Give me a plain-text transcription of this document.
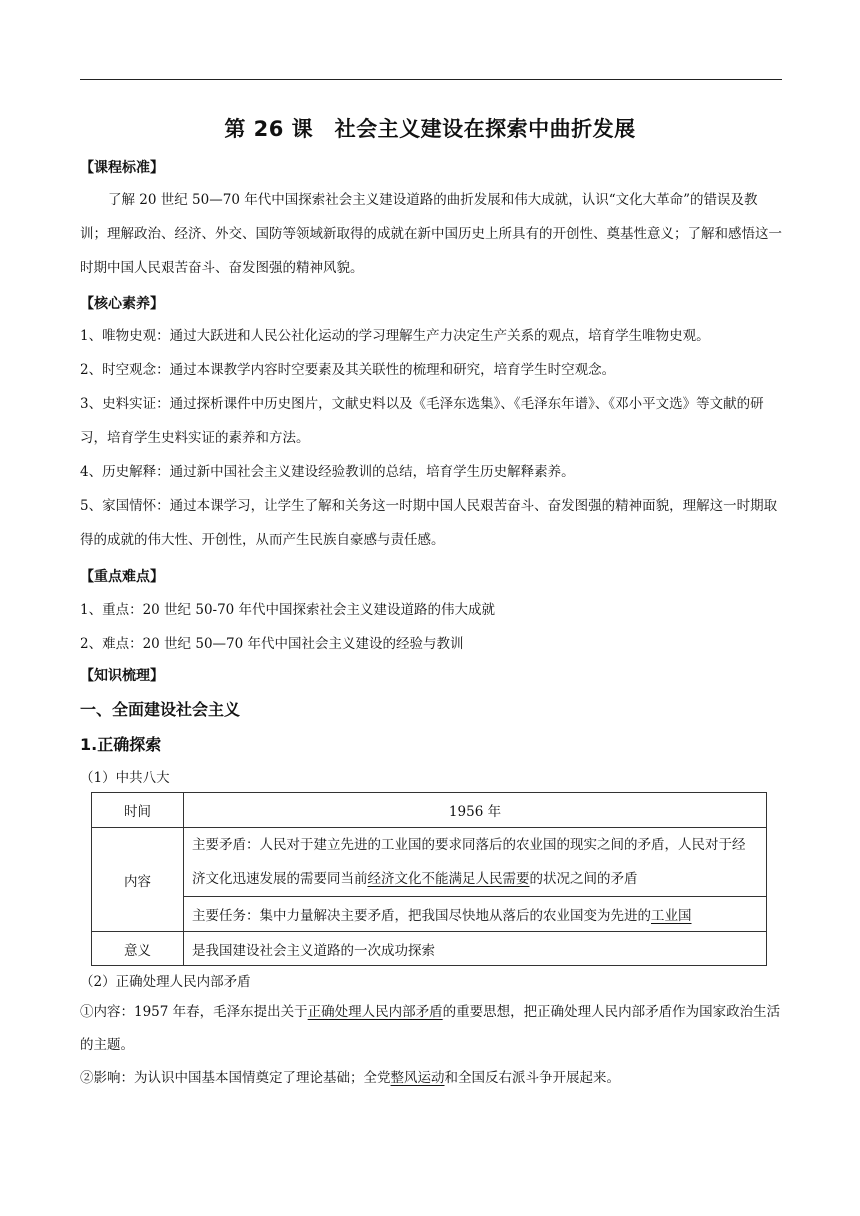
第 26 课　社会主义建设在探索中曲折发展
【课程标准】

了解 20 世纪 50—70 年代中国探索社会主义建设道路的曲折发展和伟大成就，认识“文化大革命”的错误及教训；理解政治、经济、外交、国防等领域新取得的成就在新中国历史上所具有的开创性、奠基性意义；了解和感悟这一时期中国人民艰苦奋斗、奋发图强的精神风貌。

【核心素养】

1、唯物史观：通过大跃进和人民公社化运动的学习理解生产力决定生产关系的观点，培育学生唯物史观。

2、时空观念：通过本课教学内容时空要素及其关联性的梳理和研究，培育学生时空观念。

3、史料实证：通过探析课件中历史图片，文献史料以及《毛泽东选集》、《毛泽东年谱》、《邓小平文选》等文献的研习，培育学生史料实证的素养和方法。

4、历史解释：通过新中国社会主义建设经验教训的总结，培育学生历史解释素养。

5、家国情怀：通过本课学习，让学生了解和关务这一时期中国人民艰苦奋斗、奋发图强的精神面貌，理解这一时期取得的成就的伟大性、开创性，从而产生民族自豪感与责任感。

【重点难点】
1、重点：20 世纪 50-70 年代中国探索社会主义建设道路的伟大成就
2、难点：20 世纪 50—70 年代中国社会主义建设的经验与教训
【知识梳理】
一、全面建设社会主义
1.正确探索
（1）中共八大
时间	1956 年
内容	主要矛盾：人民对于建立先进的工业国的要求同落后的农业国的现实之间的矛盾，人民对于经济文化迅速发展的需要同当前经济文化不能满足人民需要的状况之间的矛盾
	主要任务：集中力量解决主要矛盾，把我国尽快地从落后的农业国变为先进的工业国
意义	是我国建设社会主义道路的一次成功探索
（2）正确处理人民内部矛盾

①内容：1957 年春，毛泽东提出关于正确处理人民内部矛盾的重要思想，把正确处理人民内部矛盾作为国家政治生活的主题。

②影响：为认识中国基本国情奠定了理论基础；全党整风运动和全国反右派斗争开展起来。
